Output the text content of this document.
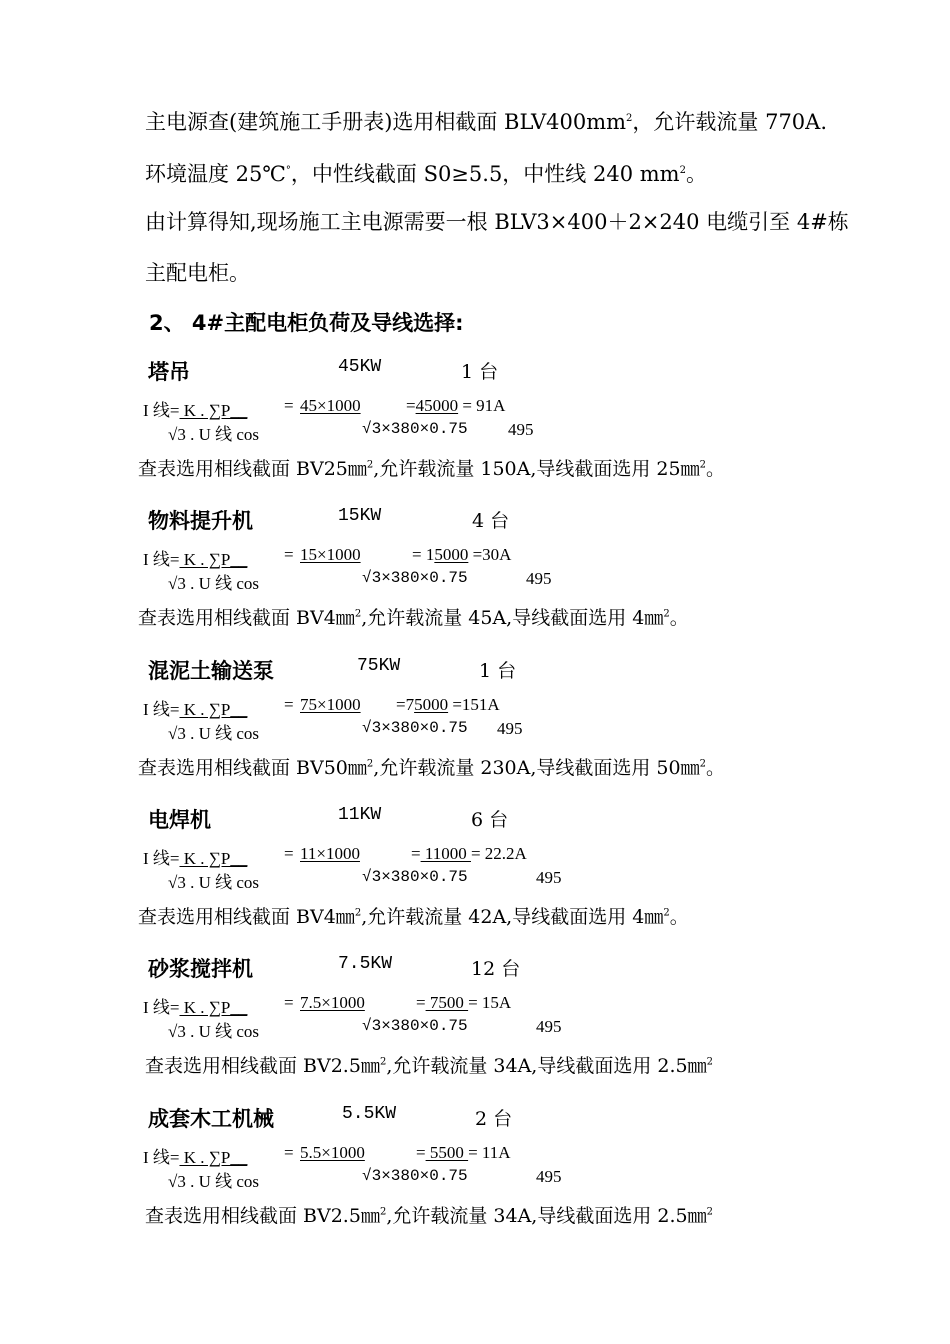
主电源查(建筑施工手册表)选用相截面 $BLV400mm^2$，允许载流量 770A.
环境温度 25℃°，中性线截面 S0≥5.5，中性线 240 $mm^2$。
由计算得知,现场施工主电源需要一根 BLV3×400＋2×240 电缆引至 4#栋
主配电柜。
2、 4#主配电柜负荷及导线选择:
塔吊	45KW	1 台
I 线= K . ∑P__ = 45×1000	=45000 = 91A
√3 . U 线 cos	√3×380×0.75 495
查表选用相线截面 BV25㎜$^2$,允许载流量 150A,导线截面选用 25㎜$^2$。
物料提升机	15KW	4 台
I 线= K . ∑P__ = 15×1000	= 15000 =30A
√3 . U 线 cos	√3×380×0.75	495
查表选用相线截面 BV4㎜$^2$,允许载流量 45A,导线截面选用 4㎜$^2$。
混泥土输送泵	75KW	1 台
I 线= K . ∑P__ = 75×1000 =75000 =151A
√3 . U 线 cos	√3×380×0.75 495
查表选用相线截面 BV50㎜$^2$,允许载流量 230A,导线截面选用 50㎜$^2$。
电焊机	11KW	6 台
I 线= K . ∑P__ = 11×1000	= 11000 = 22.2A
√3 . U 线 cos	√3×380×0.75	495
查表选用相线截面 BV4㎜$^2$,允许载流量 42A,导线截面选用 4㎜$^2$。
砂浆搅拌机	7.5KW	12 台
I 线= K . ∑P__ = 7.5×1000	= 7500 = 15A
√3 . U 线 cos	√3×380×0.75	495
查表选用相线截面 BV2.5㎜$^2$,允许载流量 34A,导线截面选用 2.5㎜$^2$
成套木工机械	5.5KW	2 台
I 线= K . ∑P__ = 5.5×1000	= 5500 = 11A
√3 . U 线 cos	√3×380×0.75	495
查表选用相线截面 BV2.5㎜$^2$,允许载流量 34A,导线截面选用 2.5㎜$^2$
